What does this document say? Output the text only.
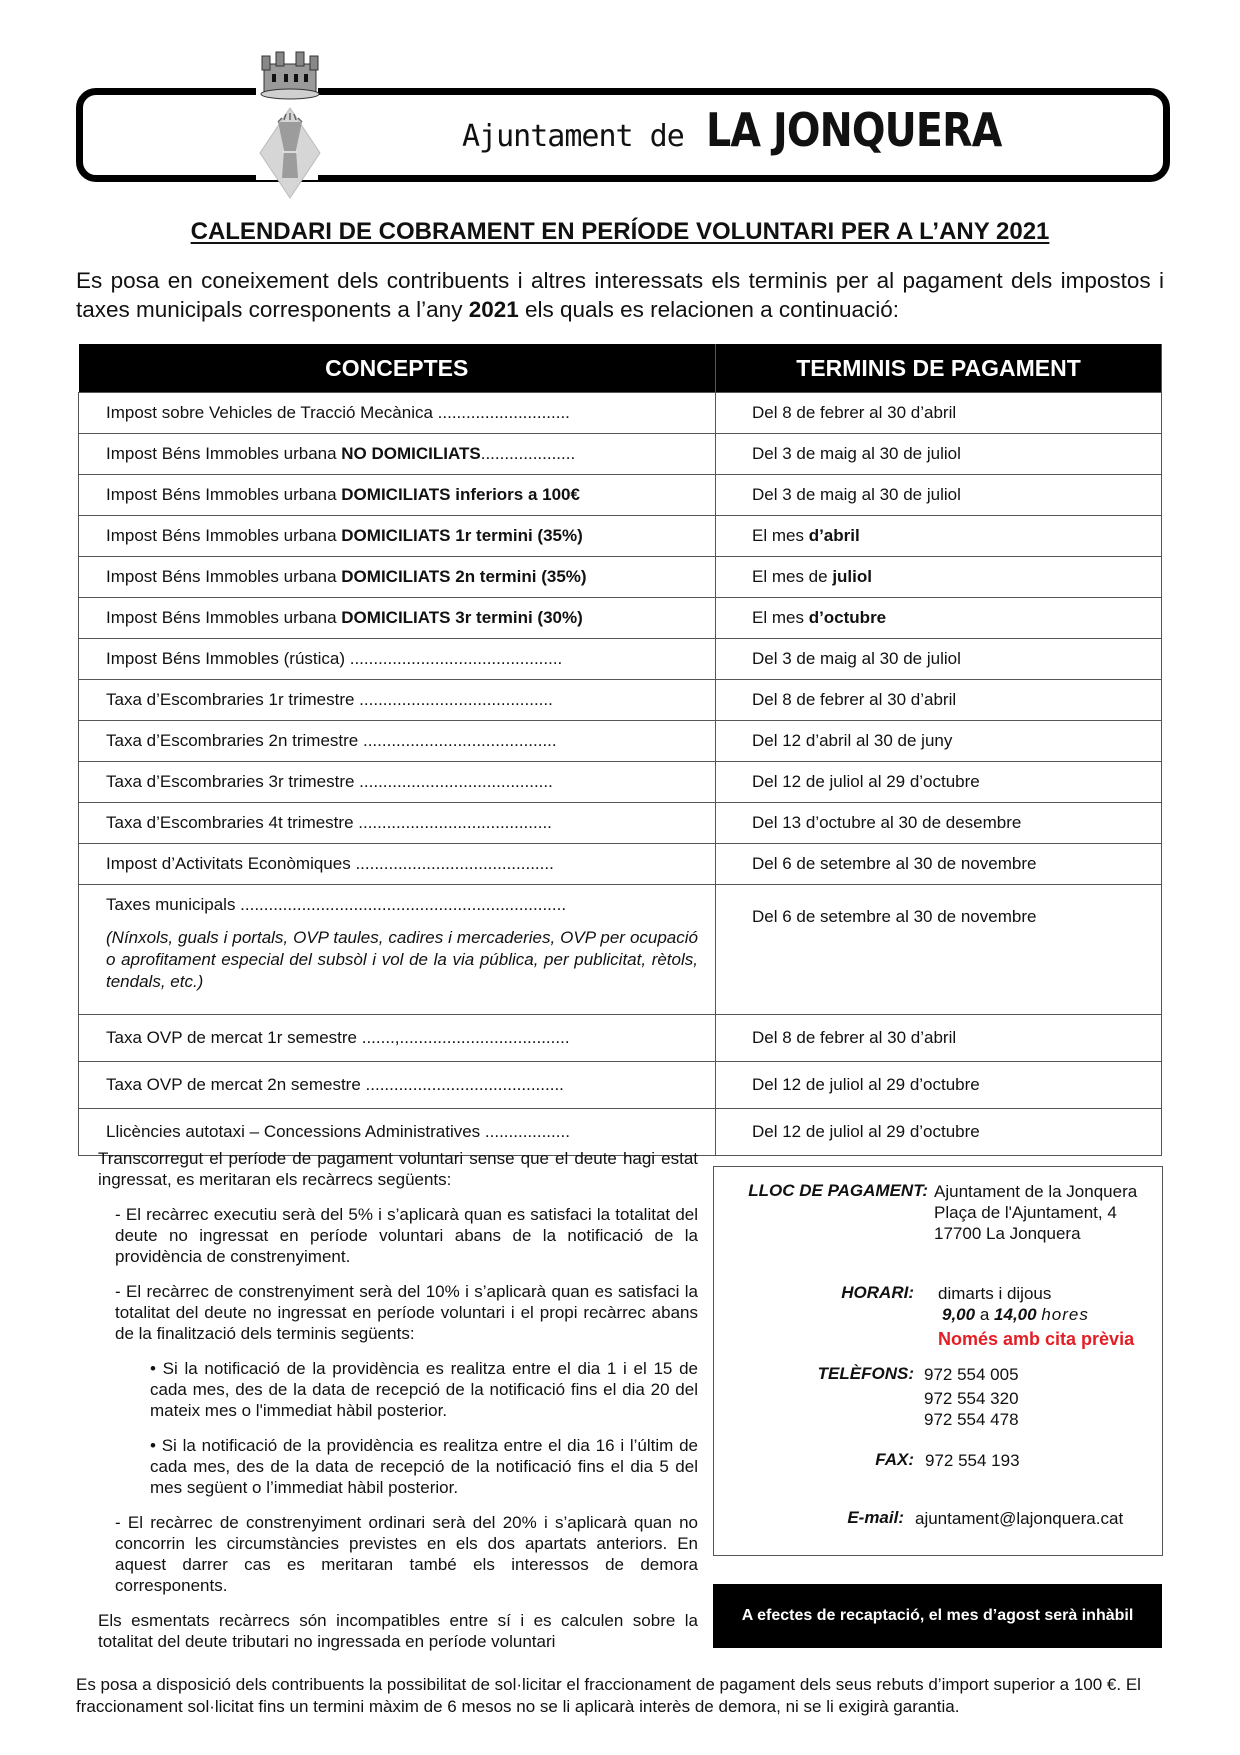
Ajuntament de LA JONQUERA
CALENDARI DE COBRAMENT EN PERÍODE VOLUNTARI PER A L’ANY 2021
Es posa en coneixement dels contribuents i altres interessats els terminis per al pagament dels impostos i taxes municipals corresponents a l’any 2021 els quals es relacionen a continuació:
CONCEPTES	TERMINIS DE PAGAMENT
Impost sobre Vehicles de Tracció Mecànica ............................	Del 8 de febrer al 30 d’abril
Impost Béns Immobles urbana NO DOMICILIATS....................	Del 3 de maig al 30 de juliol
Impost Béns Immobles urbana DOMICILIATS inferiors a 100€	Del 3 de maig al 30 de juliol
Impost Béns Immobles urbana DOMICILIATS 1r termini (35%)	El mes d’abril
Impost Béns Immobles urbana DOMICILIATS 2n termini (35%)	El mes de juliol
Impost Béns Immobles urbana DOMICILIATS 3r termini (30%)	El mes d’octubre
Impost Béns Immobles (rústica) .............................................	Del 3 de maig al 30 de juliol
Taxa d’Escombraries 1r trimestre .........................................	Del 8 de febrer al 30 d’abril
Taxa d’Escombraries 2n trimestre .........................................	Del 12 d’abril al 30 de juny
Taxa d’Escombraries 3r trimestre .........................................	Del 12 de juliol al 29 d’octubre
Taxa d’Escombraries 4t trimestre .........................................	Del 13 d’octubre al 30 de desembre
Impost d’Activitats Econòmiques ..........................................	Del 6 de setembre al 30 de novembre
Taxes municipals .....................................................................
(Nínxols, guals i portals, OVP taules, cadires i mercaderies, OVP per ocupació o aprofitament especial del subsòl i vol de la via pública, per publicitat, rètols, tendals, etc.)	Del 6 de setembre al 30 de novembre
Taxa OVP de mercat 1r semestre .......,....................................	Del 8 de febrer al 30 d’abril
Taxa OVP de mercat 2n semestre ..........................................	Del 12 de juliol al 29 d’octubre
Llicències autotaxi – Concessions Administratives ..................	Del 12 de juliol al 29 d’octubre

Transcorregut el període de pagament voluntari sense que el deute hagi estat ingressat, es meritaran els recàrrecs següents:

- El recàrrec executiu serà del 5% i s’aplicarà quan es satisfaci la totalitat del deute no ingressat en període voluntari abans de la notificació de la providència de constrenyiment.

- El recàrrec de constrenyiment serà del 10% i s’aplicarà quan es satisfaci la totalitat del deute no ingressat en període voluntari i el propi recàrrec abans de la finalització dels terminis següents:

• Si la notificació de la providència es realitza entre el dia 1 i el 15 de cada mes, des de la data de recepció de la notificació fins el dia 20 del mateix mes o l'immediat hàbil posterior.

• Si la notificació de la providència es realitza entre el dia 16 i l’últim de cada mes, des de la data de recepció de la notificació fins el dia 5 del mes següent o l’immediat hàbil posterior.

- El recàrrec de constrenyiment ordinari serà del 20% i s’aplicarà quan no concorrin les circumstàncies previstes en els dos apartats anteriors. En aquest darrer cas es meritaran també els interessos de demora corresponents.

Els esmentats recàrrecs són incompatibles entre sí i es calculen sobre la totalitat del deute tributari no ingressada en període voluntari

LLOC DE PAGAMENT: Ajuntament de la Jonquera
Plaça de l'Ajuntament, 4
17700 La Jonquera
HORARI: dimarts i dijous
9,00 a 14,00 hores
Només amb cita prèvia
TELÈFONS: 972 554 005
972 554 320
972 554 478
FAX: 972 554 193
E-mail: ajuntament@lajonquera.cat
A efectes de recaptació, el mes d’agost serà inhàbil
Es posa a disposició dels contribuents la possibilitat de sol·licitar el fraccionament de pagament dels seus rebuts d’import superior a 100 €. El fraccionament sol·licitat fins un termini màxim de 6 mesos no se li aplicarà interès de demora, ni se li exigirà garantia.
